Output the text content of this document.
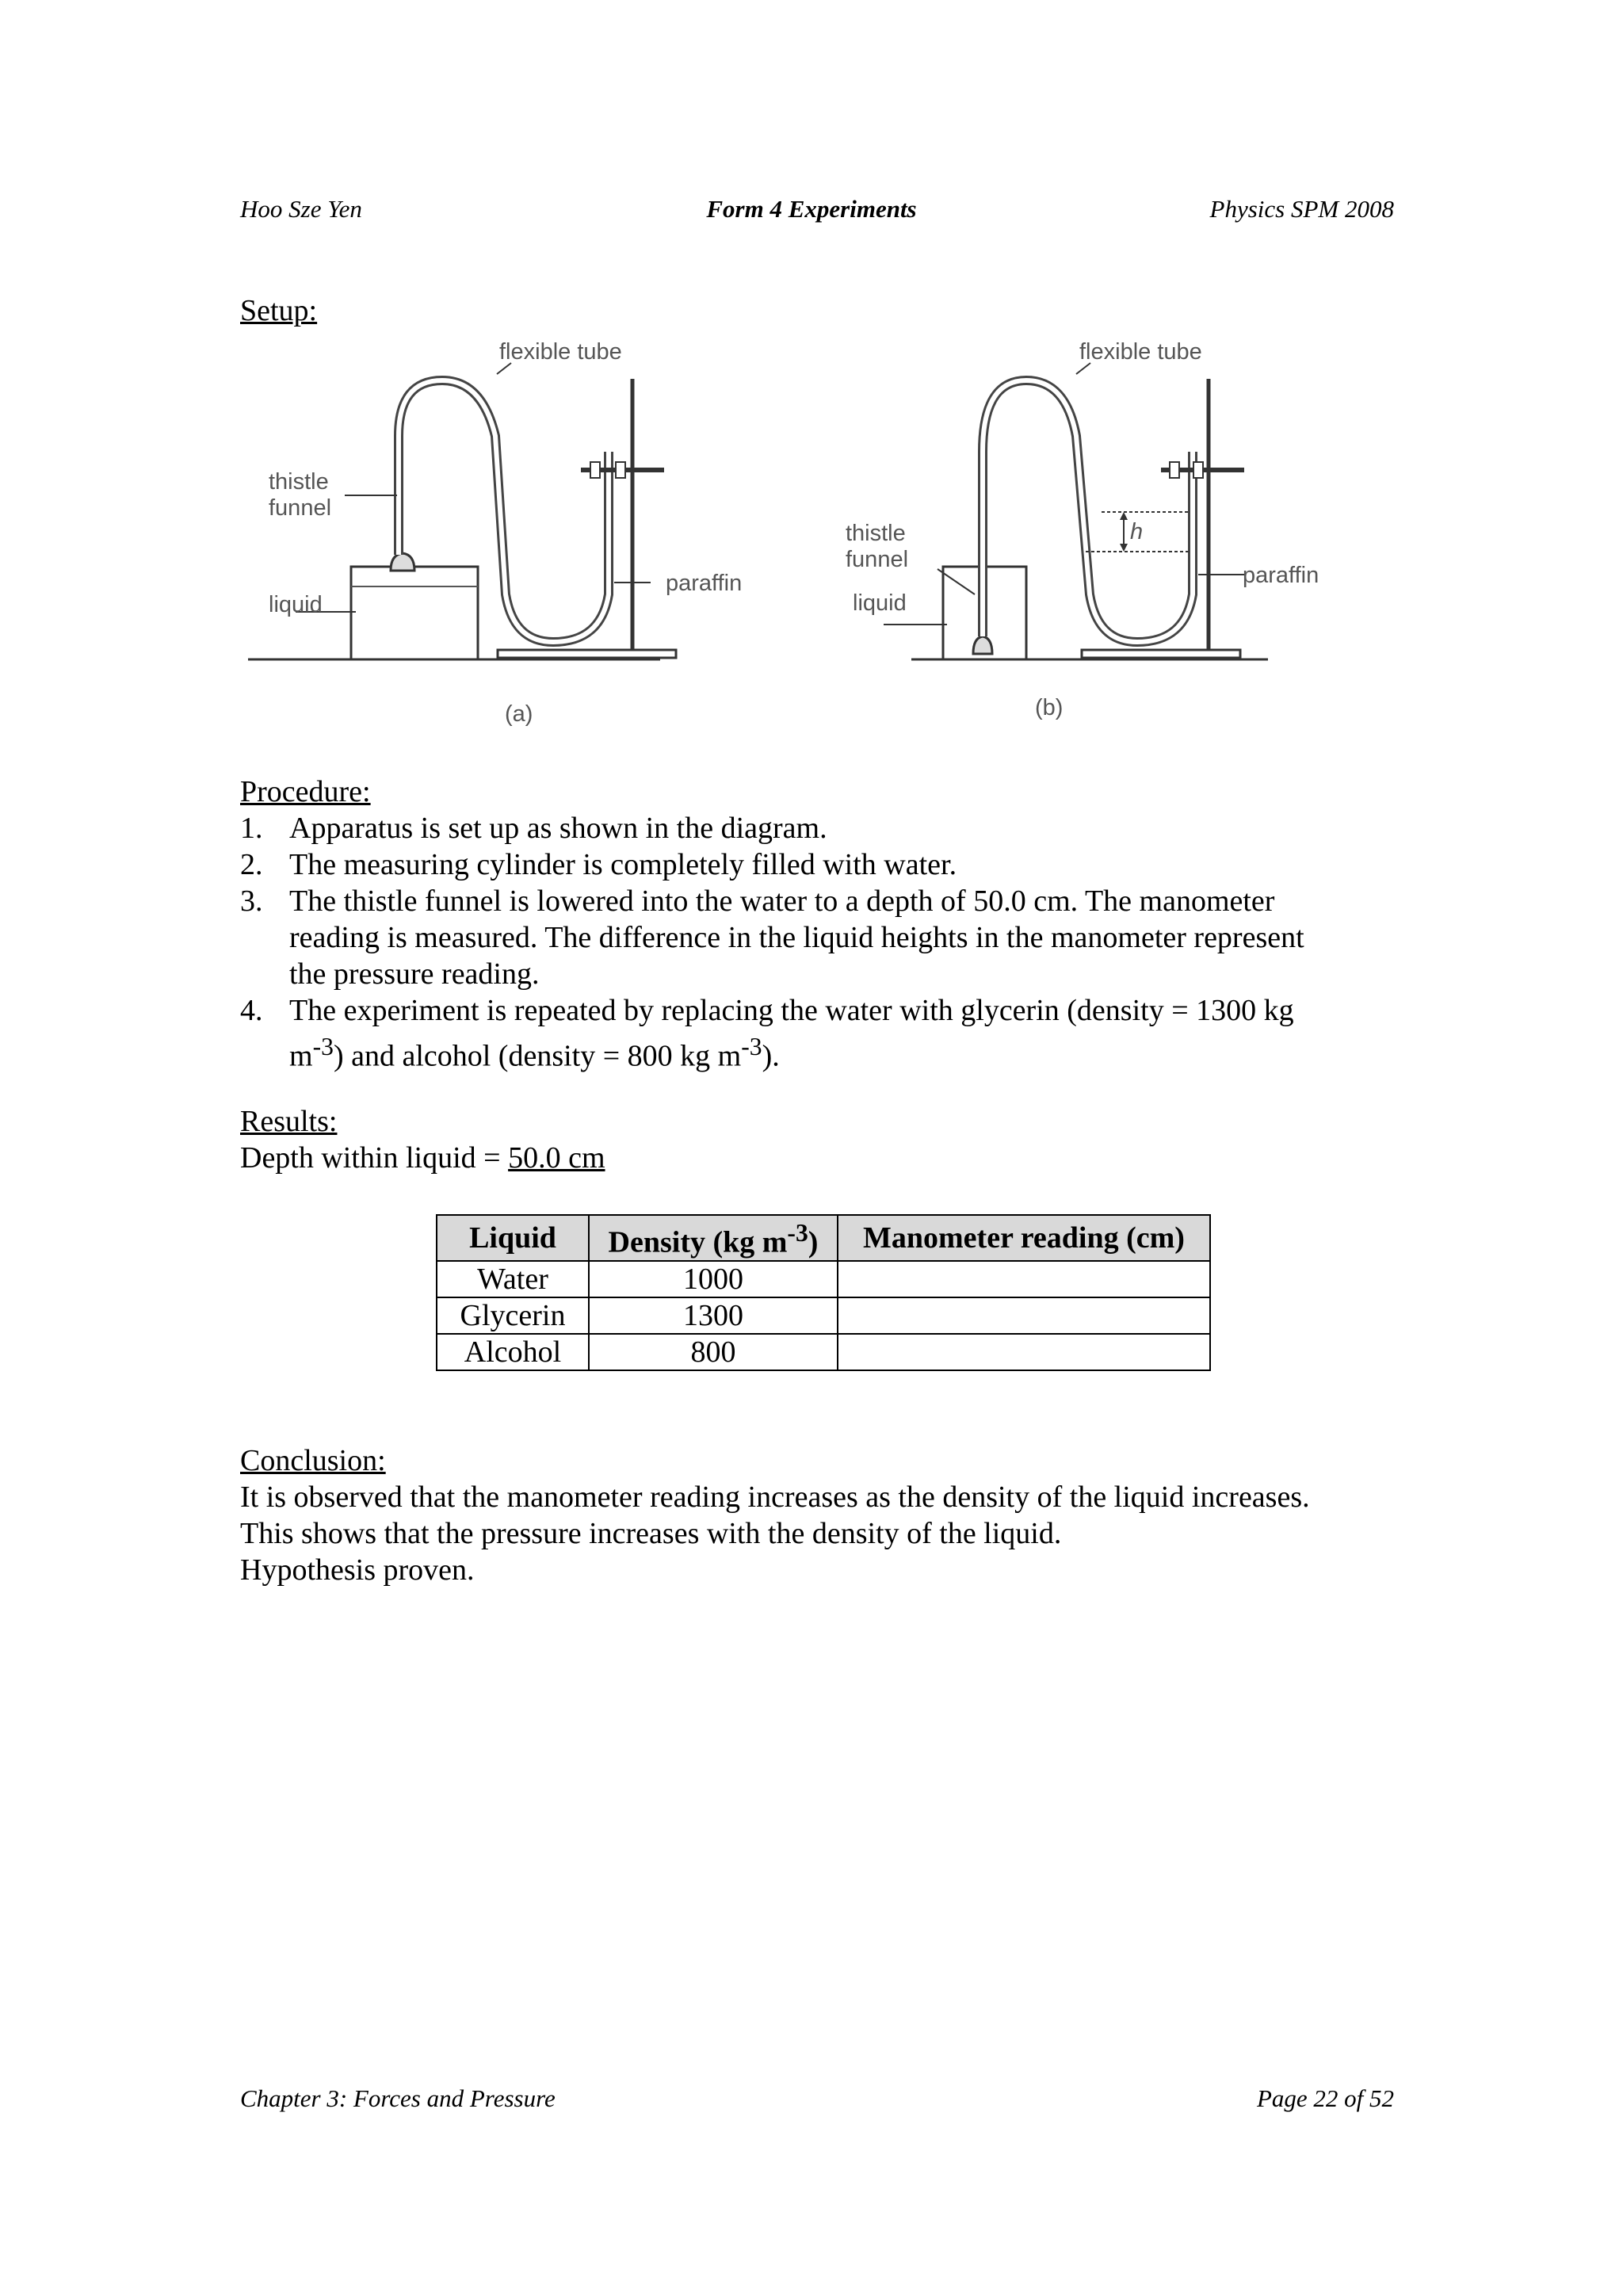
Hoo Sze Yen	Form 4 Experiments	Physics SPM 2008
Setup:
flexible tube
thistle
funnel
liquid
paraffin
(a)
flexible tube
thistle
funnel
liquid
h
paraffin
(b)
Procedure:
1. Apparatus is set up as shown in the diagram.
2. The measuring cylinder is completely filled with water.
3. The thistle funnel is lowered into the water to a depth of 50.0 cm. The manometer
reading is measured. The difference in the liquid heights in the manometer represent
the pressure reading.
4. The experiment is repeated by replacing the water with glycerin (density = 1300 kg
$m^{-3}$) and alcohol (density = 800 kg $m^{-3}$).
Results:
Depth within liquid = 50.0 cm
Liquid	Density (kg $m^{-3}$)	Manometer reading (cm)
Water	1000	
Glycerin	1300	
Alcohol	800	
Conclusion:
It is observed that the manometer reading increases as the density of the liquid increases.
This shows that the pressure increases with the density of the liquid.
Hypothesis proven.
Chapter 3: Forces and Pressure	Page 22 of 52
